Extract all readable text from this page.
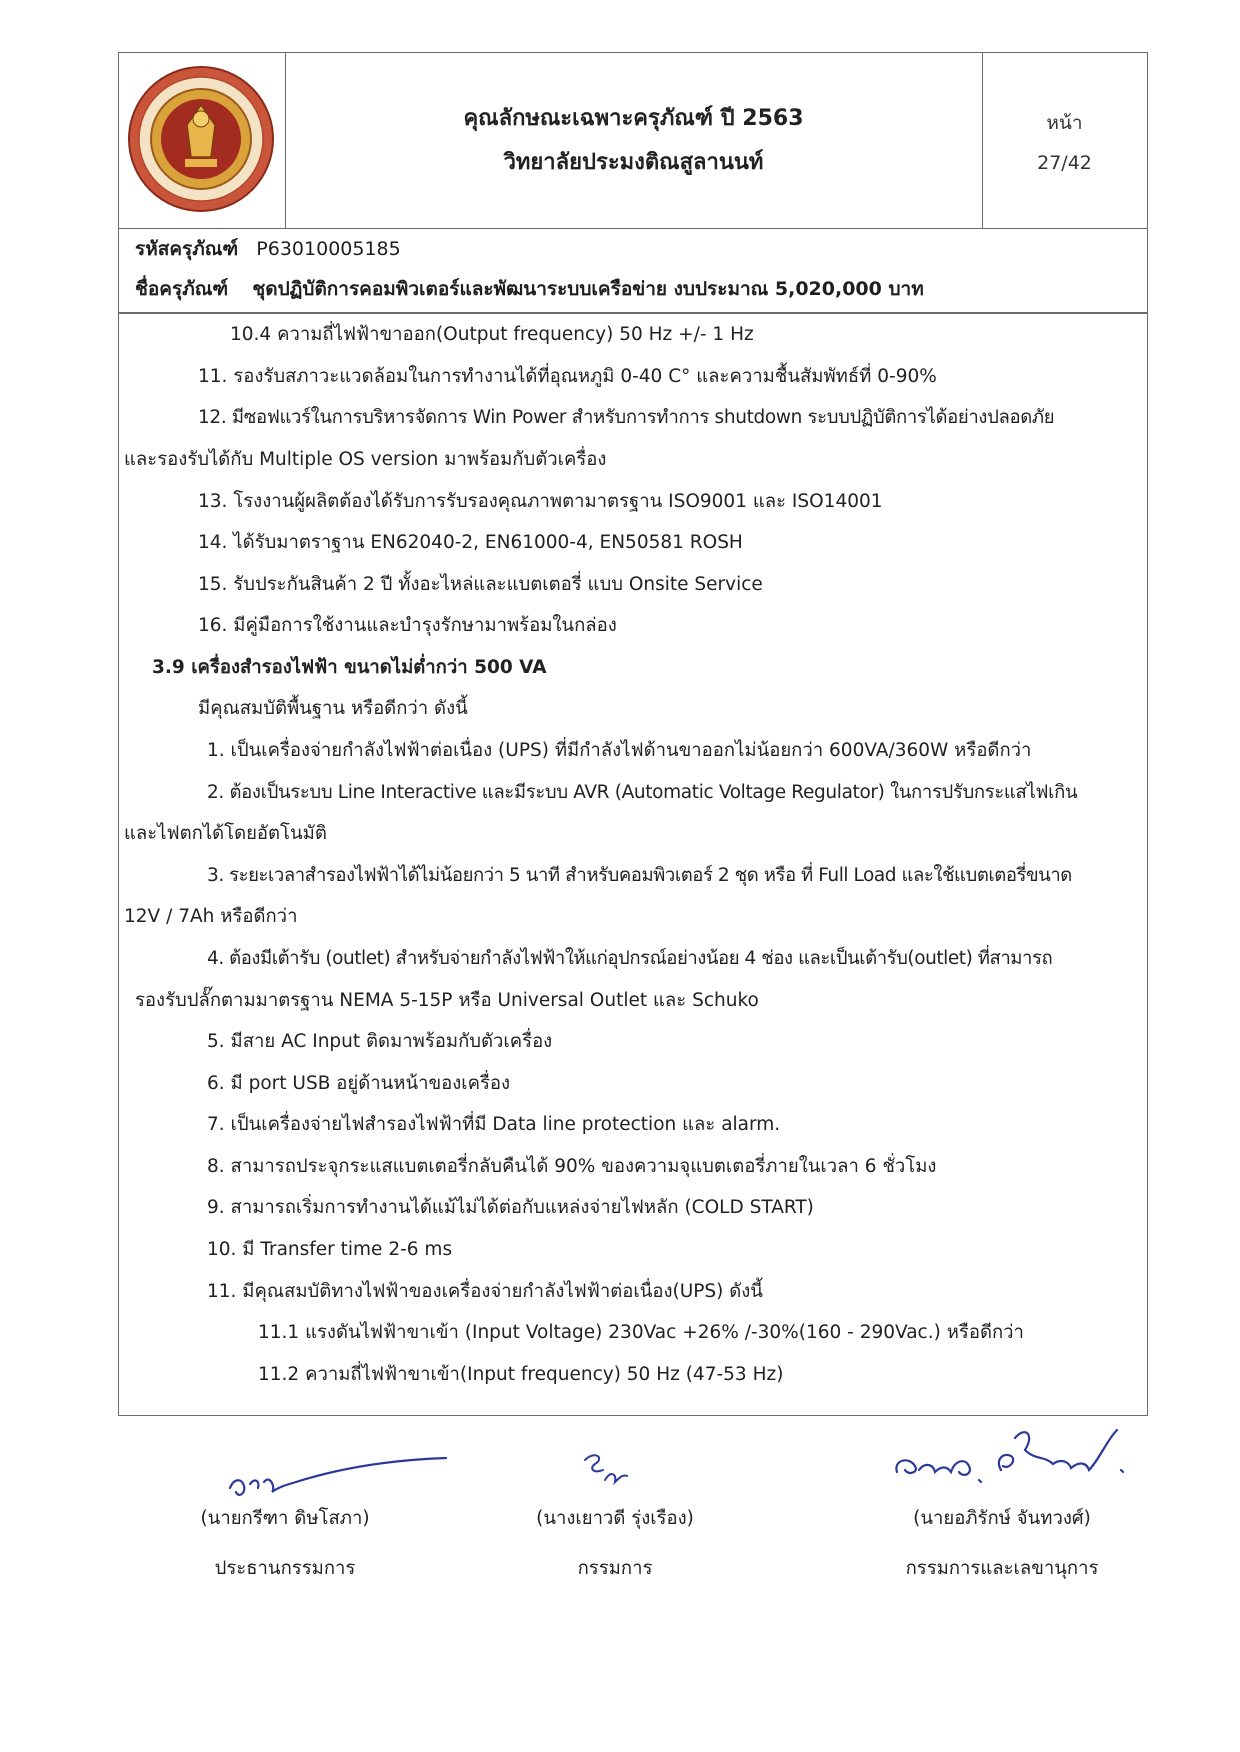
คุณลักษณะเฉพาะครุภัณฑ์ ปี 2563
วิทยาลัยประมงติณสูลานนท์
หน้า
27/42
รหัสครุภัณฑ์ P63010005185
ชื่อครุภัณฑ์ ชุดปฏิบัติการคอมพิวเตอร์และพัฒนาระบบเครือข่าย งบประมาณ 5,020,000 บาท
10.4 ความถี่ไฟฟ้าขาออก(Output frequency) 50 Hz +/- 1 Hz
11. รองรับสภาวะแวดล้อมในการทำงานได้ที่อุณหภูมิ 0-40 C° และความชื้นสัมพัทธ์ที่ 0-90%
12. มีซอฟแวร์ในการบริหารจัดการ Win Power สำหรับการทำการ shutdown ระบบปฏิบัติการได้อย่างปลอดภัย
และรองรับได้กับ Multiple OS version มาพร้อมกับตัวเครื่อง
13. โรงงานผู้ผลิตต้องได้รับการรับรองคุณภาพตามาตรฐาน ISO9001 และ ISO14001
14. ได้รับมาตราฐาน EN62040-2, EN61000-4, EN50581 ROSH
15. รับประกันสินค้า 2 ปี ทั้งอะไหล่และแบตเตอรี่ แบบ Onsite Service
16. มีคู่มือการใช้งานและบำรุงรักษามาพร้อมในกล่อง
3.9 เครื่องสำรองไฟฟ้า ขนาดไม่ต่ำกว่า 500 VA
มีคุณสมบัติพื้นฐาน หรือดีกว่า ดังนี้
1. เป็นเครื่องจ่ายกำลังไฟฟ้าต่อเนื่อง (UPS) ที่มีกำลังไฟด้านขาออกไม่น้อยกว่า 600VA/360W หรือดีกว่า
2. ต้องเป็นระบบ Line Interactive และมีระบบ AVR (Automatic Voltage Regulator) ในการปรับกระแสไฟเกิน
และไฟตกได้โดยอัตโนมัติ
3. ระยะเวลาสำรองไฟฟ้าได้ไม่น้อยกว่า 5 นาที สำหรับคอมพิวเตอร์ 2 ชุด หรือ ที่ Full Load และใช้แบตเตอรี่ขนาด
12V / 7Ah หรือดีกว่า
4. ต้องมีเต้ารับ (outlet) สำหรับจ่ายกำลังไฟฟ้าให้แก่อุปกรณ์อย่างน้อย 4 ช่อง และเป็นเต้ารับ(outlet) ที่สามารถ
รองรับปลั๊กตามมาตรฐาน NEMA 5-15P หรือ Universal Outlet และ Schuko
5. มีสาย AC Input ติดมาพร้อมกับตัวเครื่อง
6. มี port USB อยู่ด้านหน้าของเครื่อง
7. เป็นเครื่องจ่ายไฟสำรองไฟฟ้าที่มี Data line protection และ alarm.
8. สามารถประจุกระแสแบตเตอรี่กลับคืนได้ 90% ของความจุแบตเตอรี่ภายในเวลา 6 ชั่วโมง
9. สามารถเริ่มการทำงานได้แม้ไม่ได้ต่อกับแหล่งจ่ายไฟหลัก (COLD START)
10. มี Transfer time 2-6 ms
11. มีคุณสมบัติทางไฟฟ้าของเครื่องจ่ายกำลังไฟฟ้าต่อเนื่อง(UPS) ดังนี้
11.1 แรงดันไฟฟ้าขาเข้า (Input Voltage) 230Vac +26% /-30%(160 - 290Vac.) หรือดีกว่า
11.2 ความถี่ไฟฟ้าขาเข้า(Input frequency) 50 Hz (47-53 Hz)
(นายกรีฑา ดิษโสภา)
ประธานกรรมการ
(นางเยาวดี รุ่งเรือง)
กรรมการ
(นายอภิรักษ์ จันทวงศ์)
กรรมการและเลขานุการ
